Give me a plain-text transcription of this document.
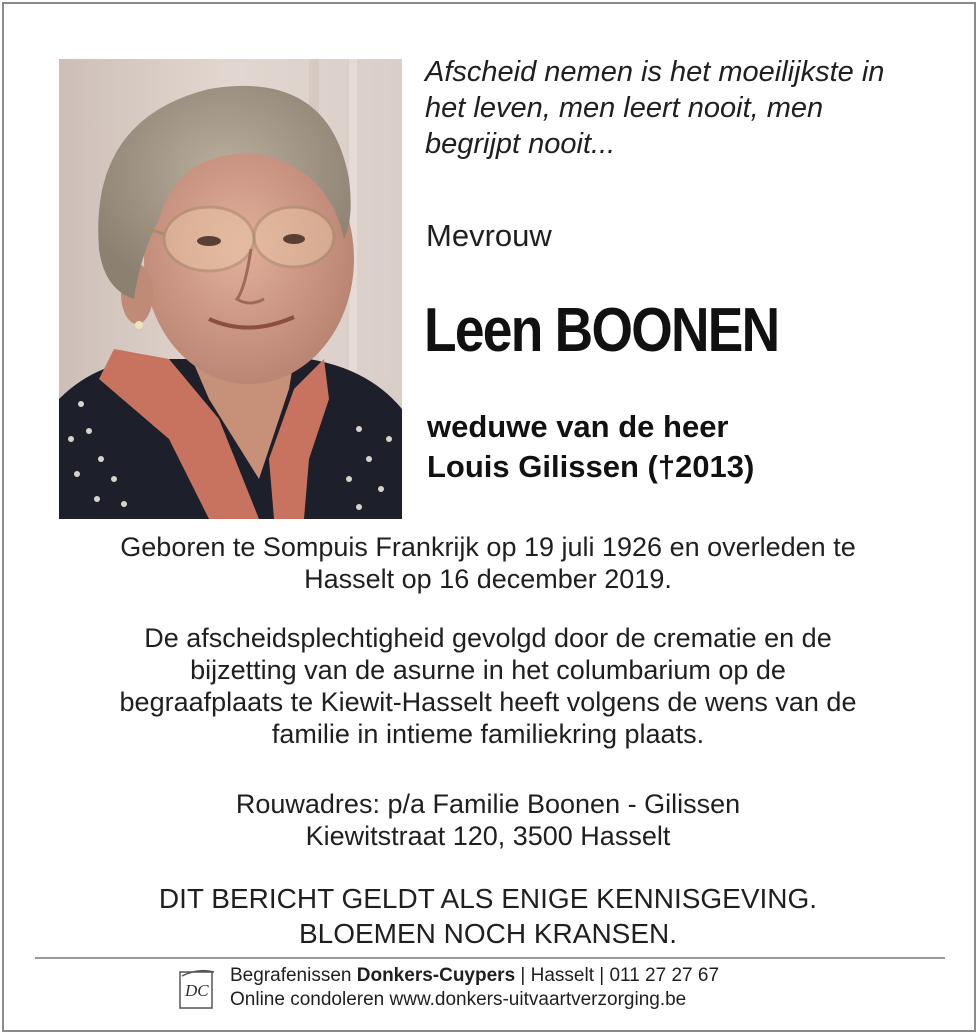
Afscheid nemen is het moeilijkste in
het leven, men leert nooit, men
begrijpt nooit...
Mevrouw
Leen BOONEN
weduwe van de heer
Louis Gilissen (†2013)
Geboren te Sompuis Frankrijk op 19 juli 1926 en overleden te
Hasselt op 16 december 2019.
De afscheidsplechtigheid gevolgd door de crematie en de
bijzetting van de asurne in het columbarium op de
begraafplaats te Kiewit-Hasselt heeft volgens de wens van de
familie in intieme familiekring plaats.
Rouwadres: p/a Familie Boonen - Gilissen
Kiewitstraat 120, 3500 Hasselt
DIT BERICHT GELDT ALS ENIGE KENNISGEVING.
BLOEMEN NOCH KRANSEN.
DC
Begrafenissen Donkers-Cuypers | Hasselt | 011 27 27 67
Online condoleren www.donkers-uitvaartverzorging.be
